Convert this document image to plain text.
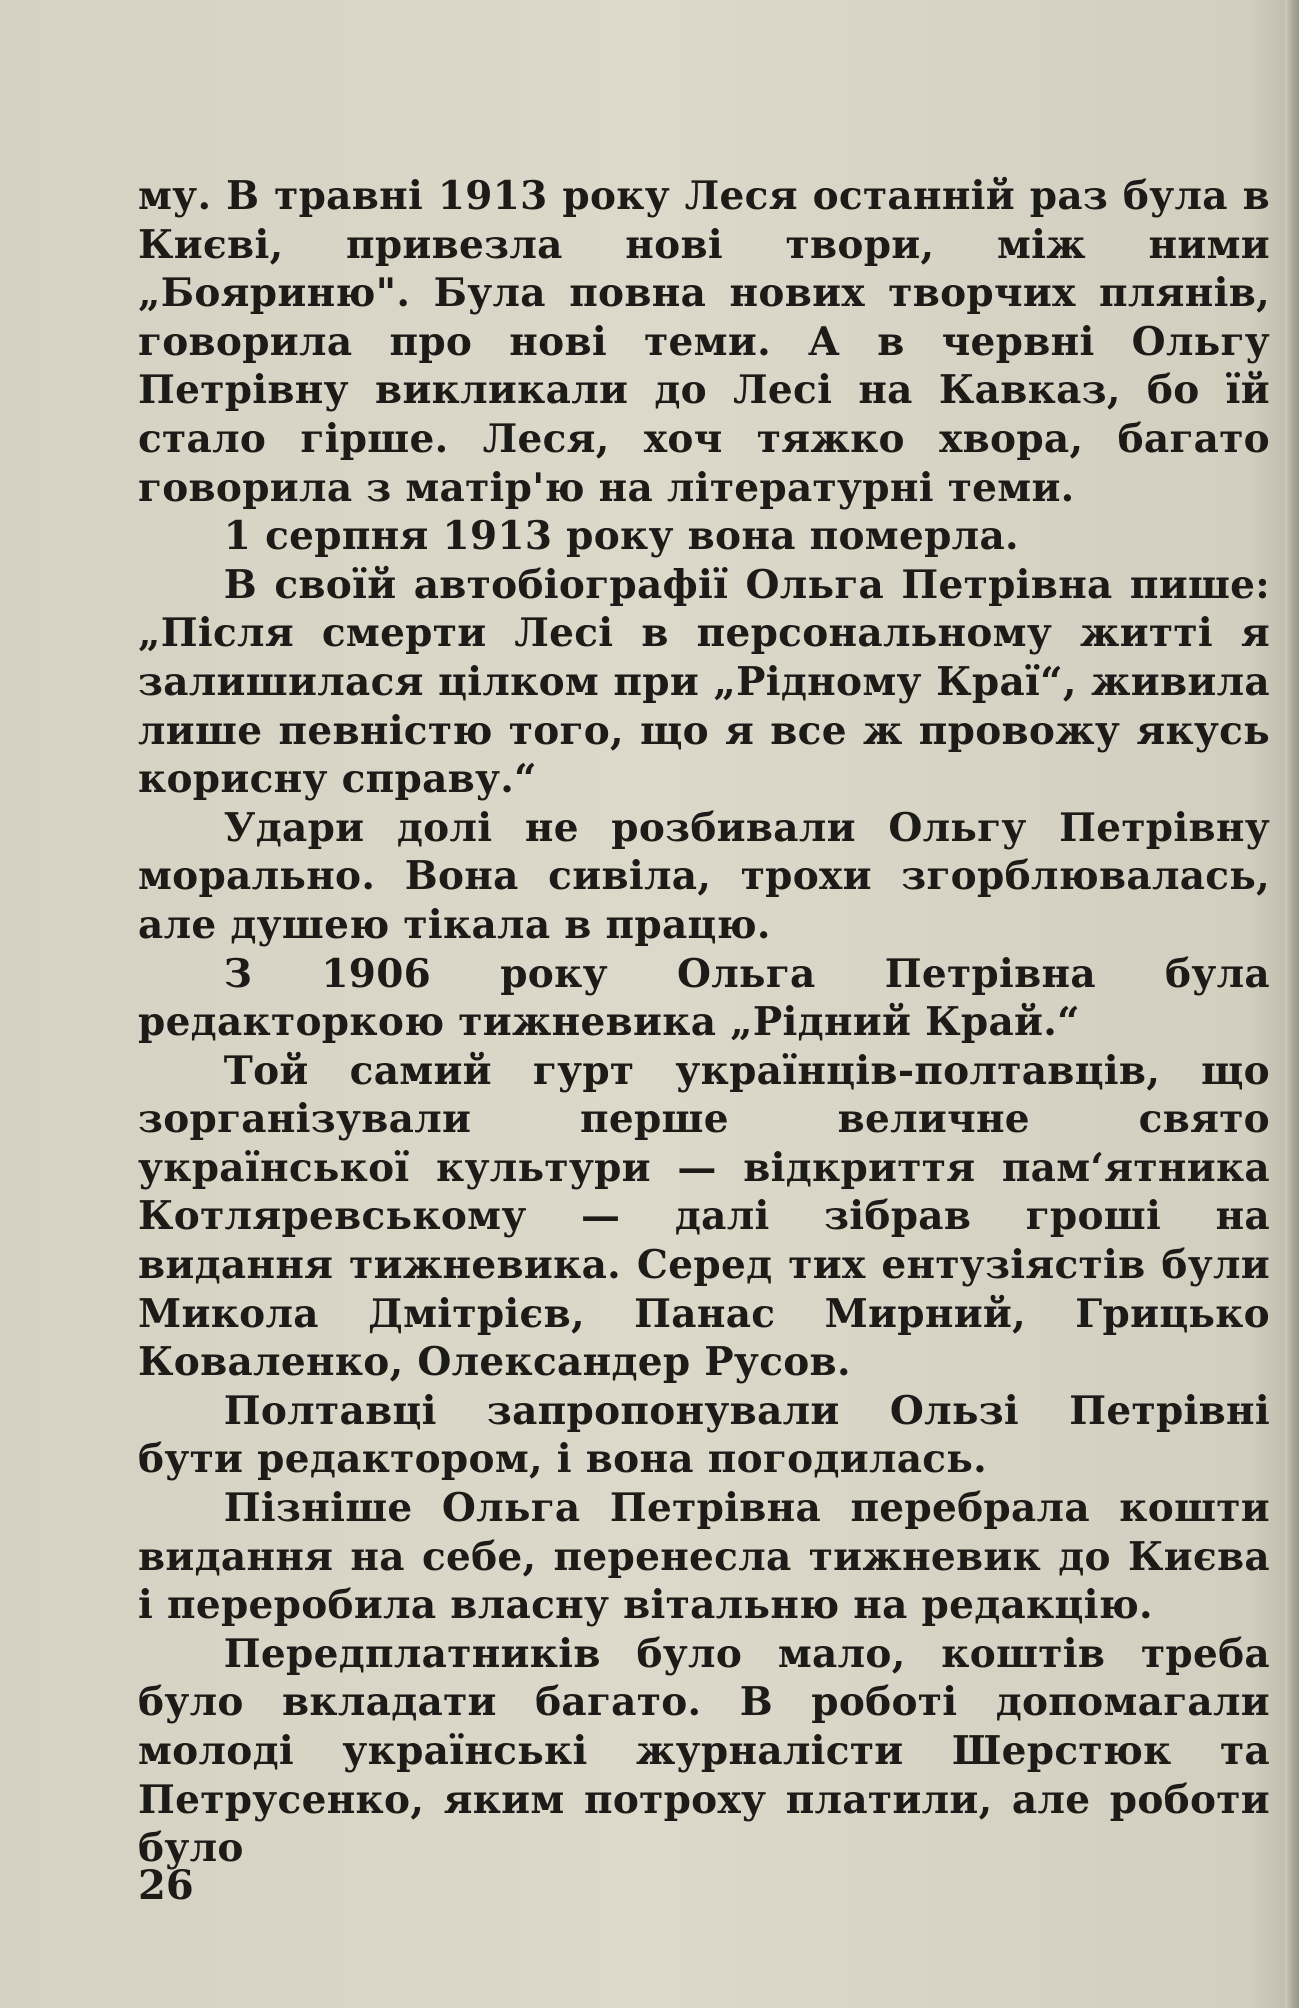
му. В травні 1913 року Леся останній раз була в Києві, привезла нові твори, між ними „Бояриню". Була повна нових творчих плянів, говорила про нові теми. А в червні Ольгу Петрівну викликали до Лесі на Кавказ, бо їй стало гірше. Леся, хоч тяжко хвора, багато говорила з матір'ю на літературні теми.

1 серпня 1913 року вона померла.

В своїй автобіографії Ольга Петрівна пише: „Після смерти Лесі в персональному житті я залишилася цілком при „Рідному Краї“, живила лише певністю того, що я все ж провожу якусь корисну справу.“

Удари долі не розбивали Ольгу Петрівну морально. Вона сивіла, трохи згорблювалась, але душею тікала в працю.

З 1906 року Ольга Петрівна була редакторкою тижневика „Рідний Край.“

Той самий гурт українців-полтавців, що зорганізували перше величне свято української культури — відкриття пам‘ятника Котляревському — далі зібрав гроші на видання тижневика. Серед тих ентузіястів були Микола Дмітрієв, Панас Мирний, Грицько Коваленко, Олександер Русов.

Полтавці запропонували Ользі Петрівні бути редактором, і вона погодилась.

Пізніше Ольга Петрівна перебрала кошти видання на себе, перенесла тижневик до Києва і переробила власну вітальню на редакцію.

Передплатників було мало, коштів треба було вкладати багато. В роботі допомагали молоді українські журналісти Шерстюк та Петрусенко, яким потроху платили, але роботи було

26
